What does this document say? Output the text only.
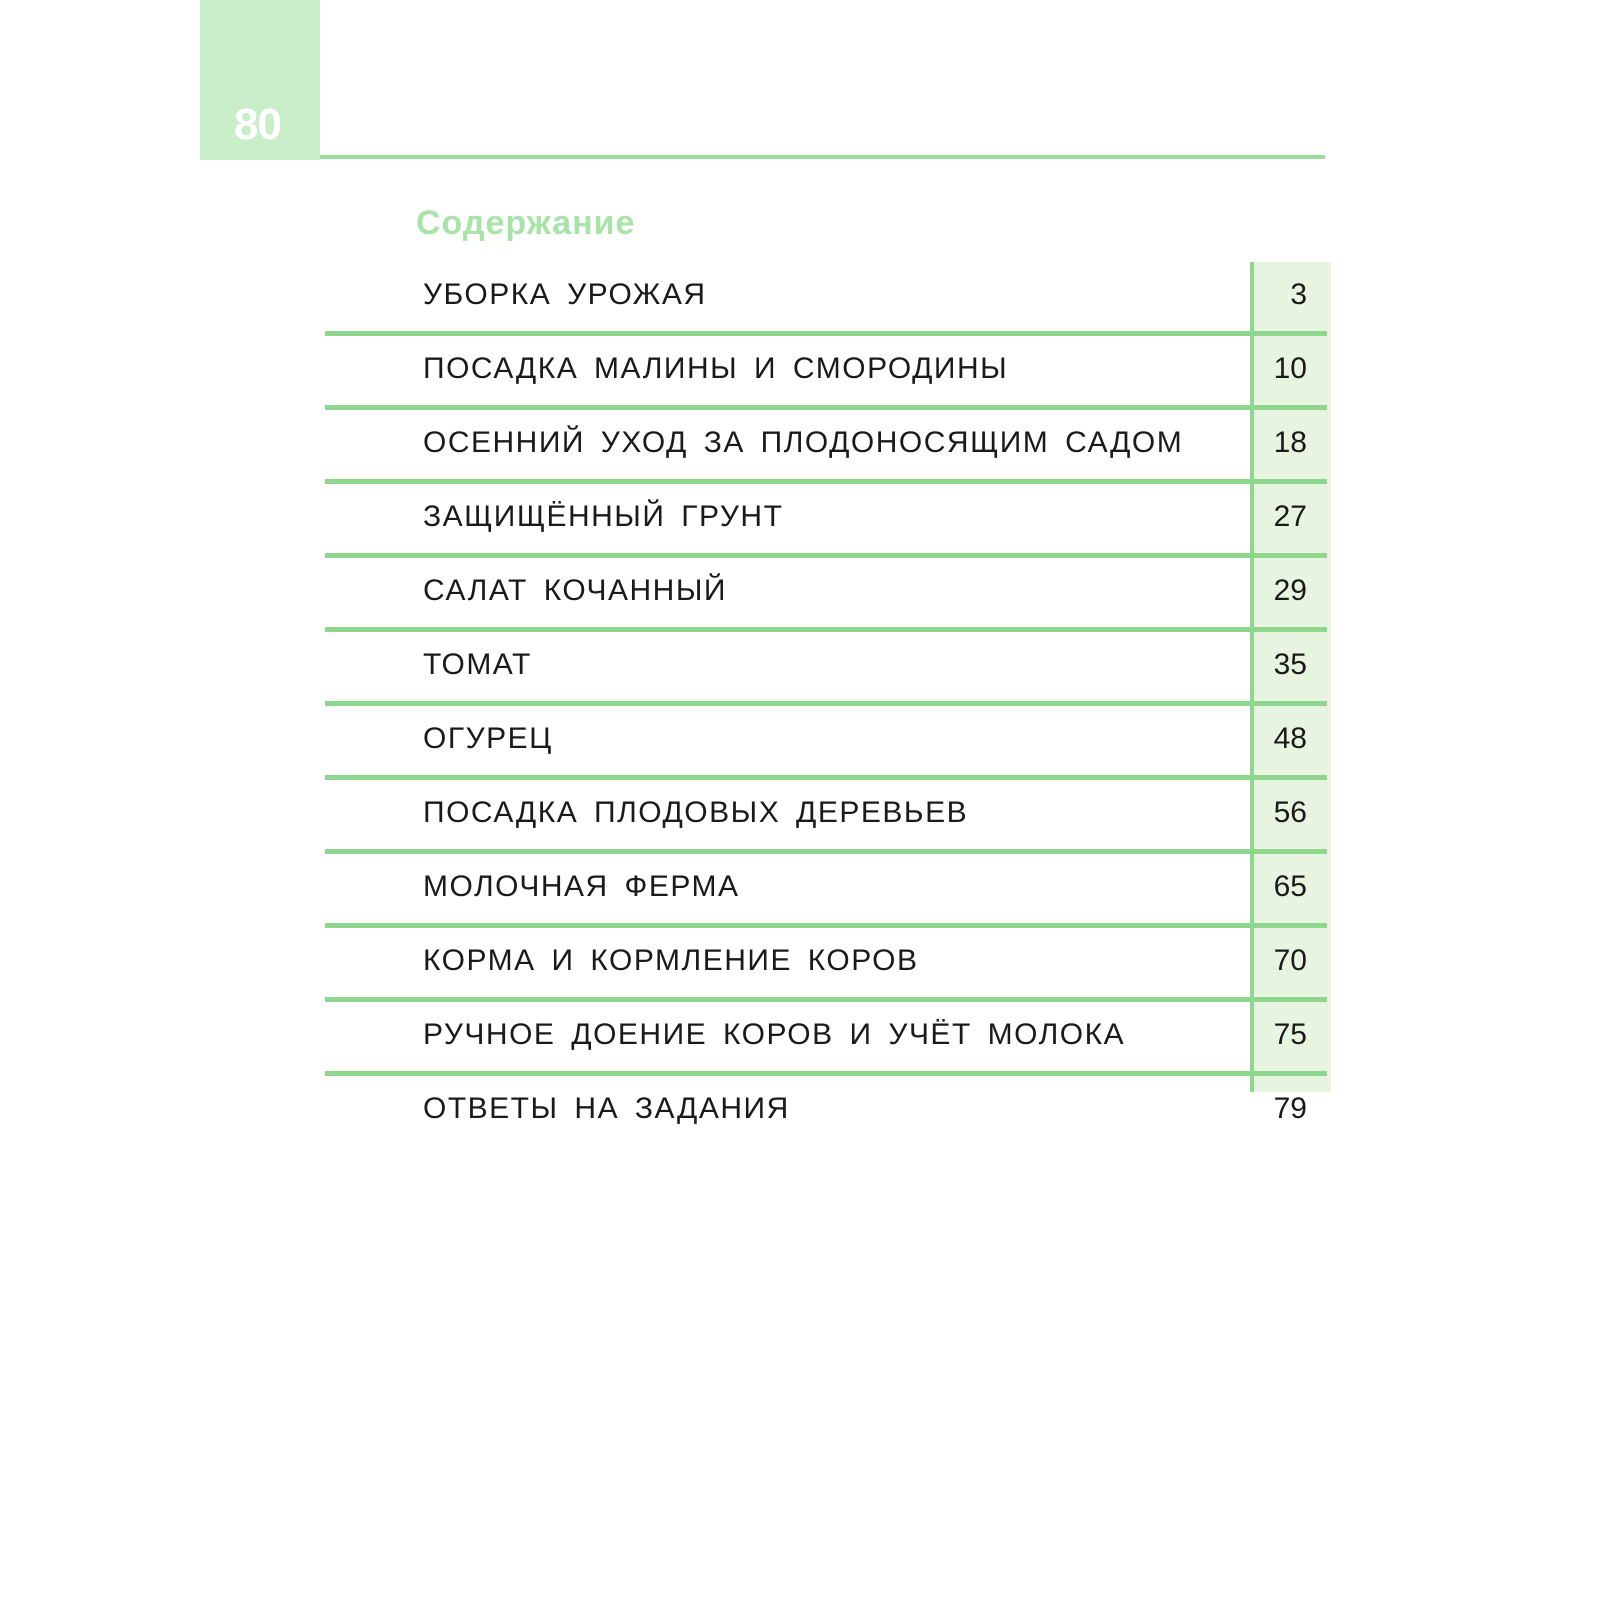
80
Содержание
УБОРКА УРОЖАЯ	3
ПОСАДКА МАЛИНЫ И СМОРОДИНЫ	10
ОСЕННИЙ УХОД ЗА ПЛОДОНОСЯЩИМ САДОМ	18
ЗАЩИЩЁННЫЙ ГРУНТ	27
САЛАТ КОЧАННЫЙ	29
ТОМАТ	35
ОГУРЕЦ	48
ПОСАДКА ПЛОДОВЫХ ДЕРЕВЬЕВ	56
МОЛОЧНАЯ ФЕРМА	65
КОРМА И КОРМЛЕНИЕ КОРОВ	70
РУЧНОЕ ДОЕНИЕ КОРОВ И УЧЁТ МОЛОКА	75
ОТВЕТЫ НА ЗАДАНИЯ	79
